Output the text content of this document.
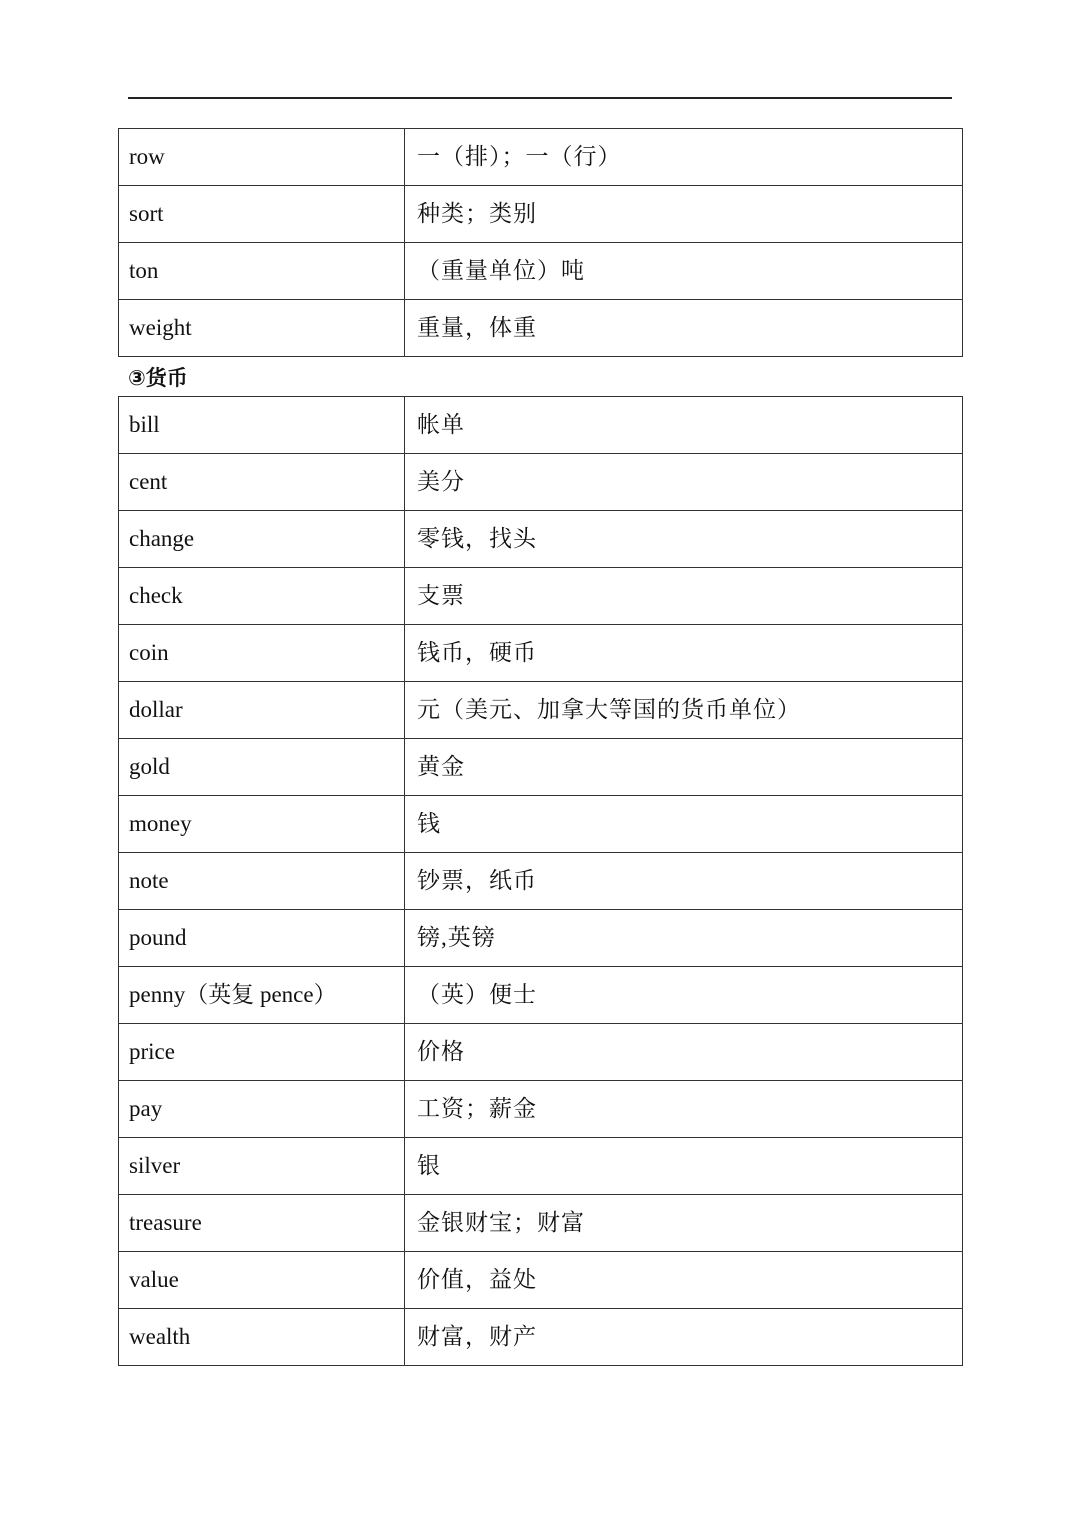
row	一（排）；一（行）
sort	种类；类别
ton	（重量单位）吨
weight	重量，体重
③货币
bill	帐单
cent	美分
change	零钱，找头
check	支票
coin	钱币，硬币
dollar	元（美元、加拿大等国的货币单位）
gold	黄金
money	钱
note	钞票，纸币
pound	镑,英镑
penny（英复 pence）	（英）便士
price	价格
pay	工资；薪金
silver	银
treasure	金银财宝；财富
value	价值，益处
wealth	财富，财产
